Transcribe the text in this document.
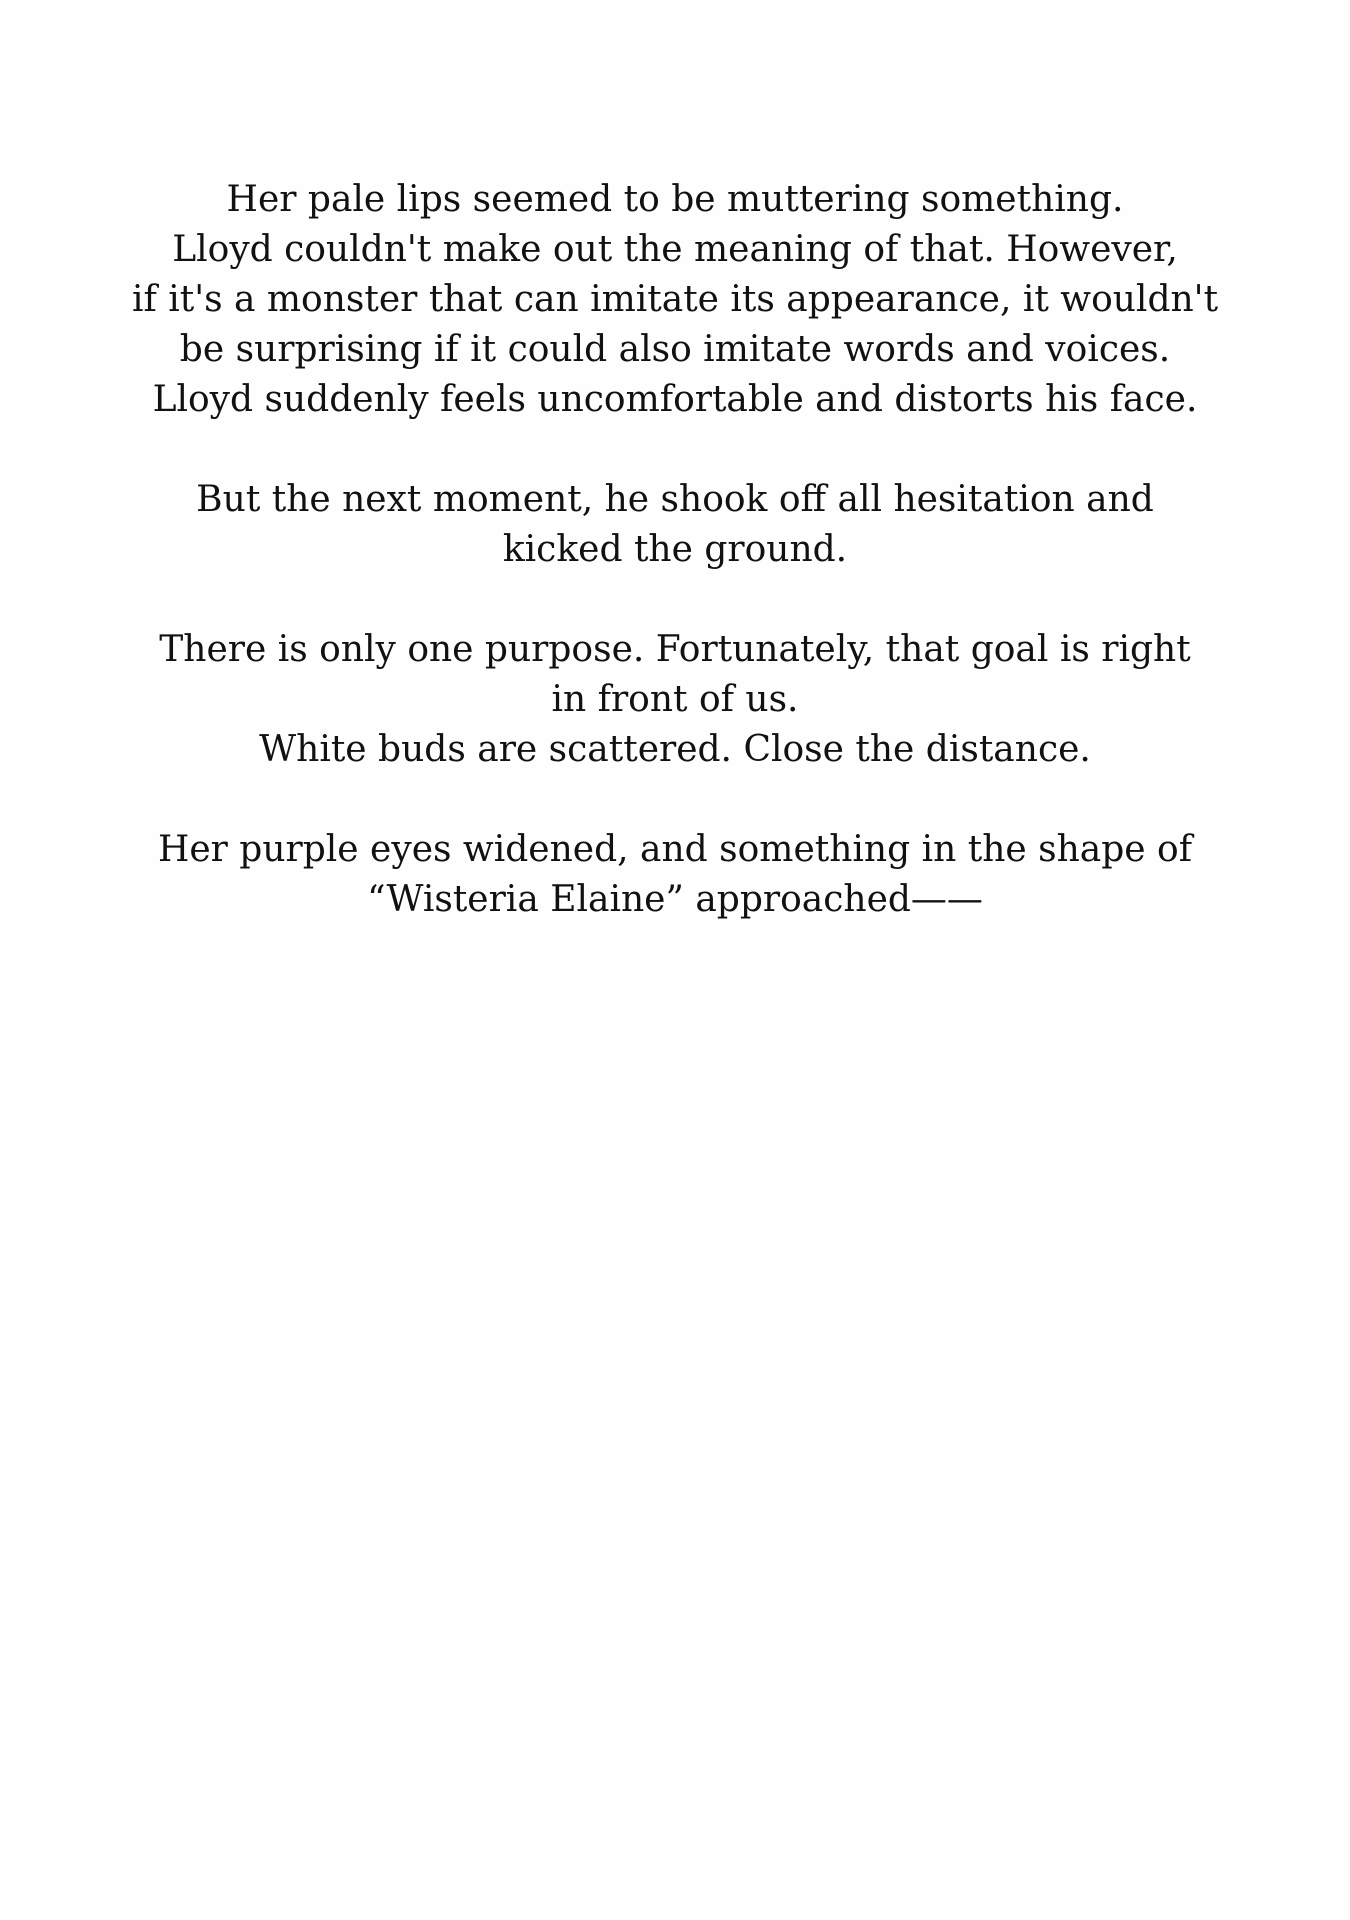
Her pale lips seemed to be muttering something.
Lloyd couldn't make out the meaning of that. However,
if it's a monster that can imitate its appearance, it wouldn't
be surprising if it could also imitate words and voices.
Lloyd suddenly feels uncomfortable and distorts his face.
But the next moment, he shook off all hesitation and
kicked the ground.
There is only one purpose. Fortunately, that goal is right
in front of us.
White buds are scattered. Close the distance.
Her purple eyes widened, and something in the shape of
“Wisteria Elaine” approached——
